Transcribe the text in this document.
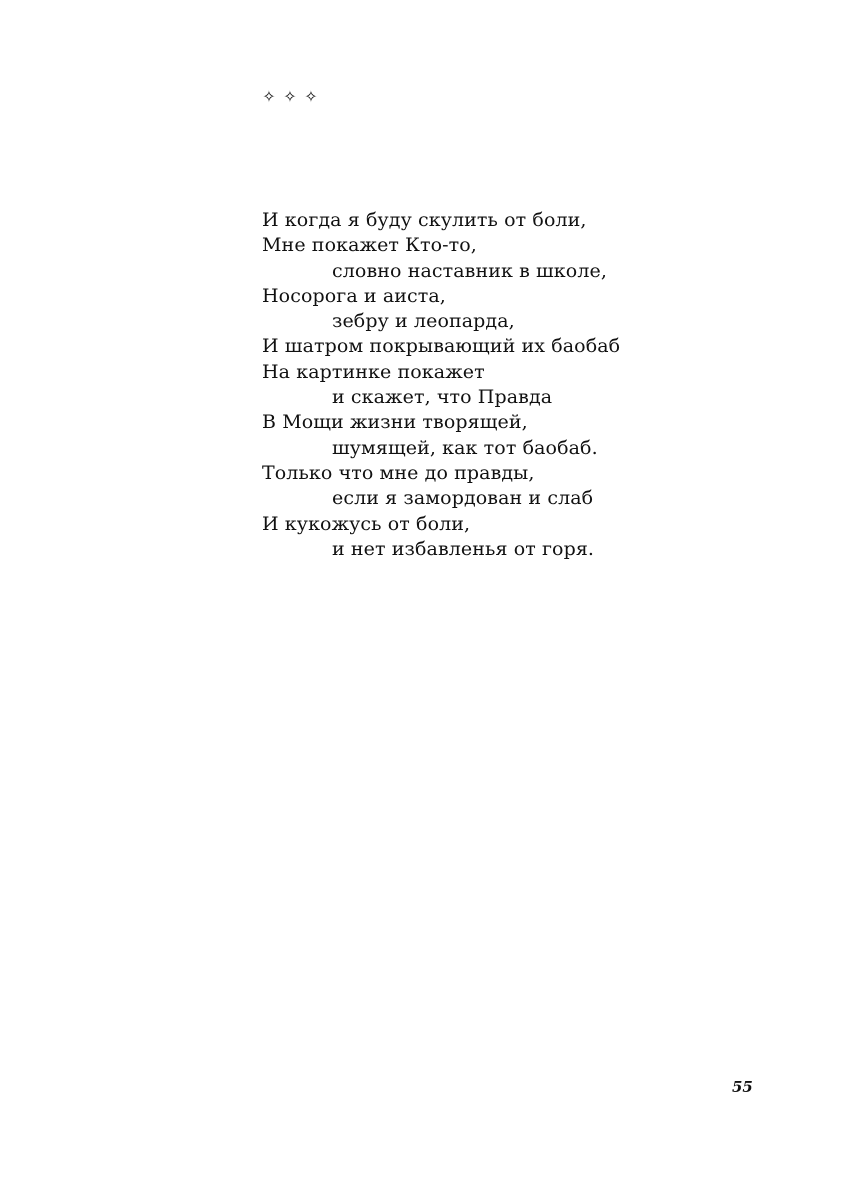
✧ ✧ ✧
И когда я буду скулить от боли,
Мне покажет Кто-то,
словно наставник в школе,
Носорога и аиста,
зебру и леопарда,
И шатром покрывающий их баобаб
На картинке покажет
и скажет, что Правда
В Мощи жизни творящей,
шумящей, как тот баобаб.
Только что мне до правды,
если я замордован и слаб
И кукожусь от боли,
и нет избавленья от горя.
55
